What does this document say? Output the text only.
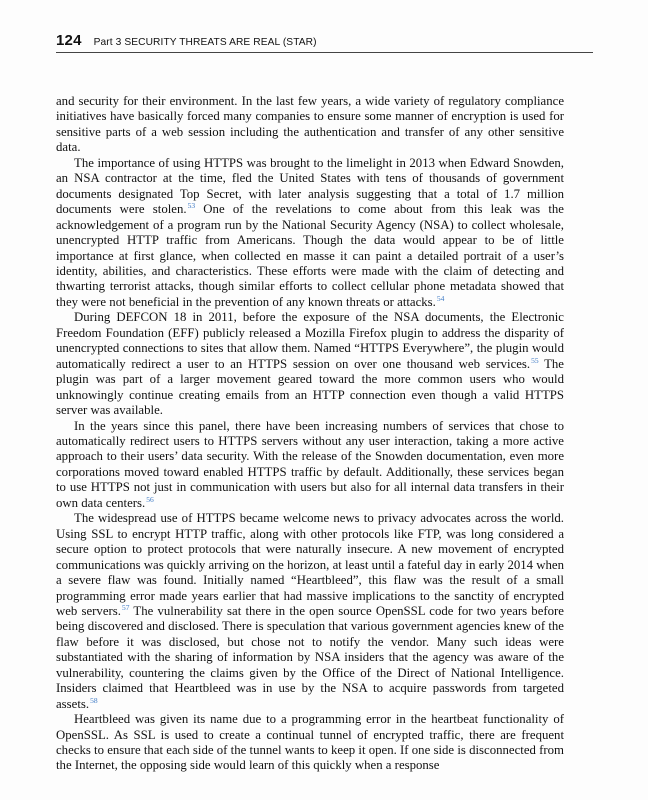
124 Part 3 SECURITY THREATS ARE REAL (STAR)

and security for their environment. In the last few years, a wide variety of regulatory compliance initiatives have basically forced many companies to ensure some manner of encryption is used for sensitive parts of a web session including the authentication and transfer of any other sensitive data.

The importance of using HTTPS was brought to the limelight in 2013 when Edward Snowden, an NSA contractor at the time, fled the United States with tens of thousands of government documents designated Top Secret, with later analysis suggesting that a total of 1.7 million documents were stolen.$^{53}$ One of the revelations to come about from this leak was the acknowledgement of a program run by the National Security Agency (NSA) to collect wholesale, unencrypted HTTP traffic from Americans. Though the data would appear to be of little importance at first glance, when collected en masse it can paint a detailed portrait of a user’s identity, abilities, and characteristics. These efforts were made with the claim of detecting and thwarting terrorist attacks, though similar efforts to collect cellular phone metadata showed that they were not beneficial in the prevention of any known threats or attacks.$^{54}$

During DEFCON 18 in 2011, before the exposure of the NSA documents, the Electronic Freedom Foundation (EFF) publicly released a Mozilla Firefox plugin to address the disparity of unencrypted connections to sites that allow them. Named “HTTPS Everywhere”, the plugin would automatically redirect a user to an HTTPS session on over one thousand web services.$^{55}$ The plugin was part of a larger movement geared toward the more common users who would unknowingly continue creating emails from an HTTP connection even though a valid HTTPS server was available.

In the years since this panel, there have been increasing numbers of services that chose to automatically redirect users to HTTPS servers without any user interaction, taking a more active approach to their users’ data security. With the release of the Snowden documentation, even more corporations moved toward enabled HTTPS traffic by default. Additionally, these services began to use HTTPS not just in communication with users but also for all internal data transfers in their own data centers.$^{56}$

The widespread use of HTTPS became welcome news to privacy advocates across the world. Using SSL to encrypt HTTP traffic, along with other protocols like FTP, was long considered a secure option to protect protocols that were naturally insecure. A new movement of encrypted communications was quickly arriving on the horizon, at least until a fateful day in early 2014 when a severe flaw was found. Initially named “Heartbleed”, this flaw was the result of a small programming error made years earlier that had massive implications to the sanctity of encrypted web servers.$^{57}$ The vulnerability sat there in the open source OpenSSL code for two years before being discovered and disclosed. There is speculation that various government agencies knew of the flaw before it was disclosed, but chose not to notify the vendor. Many such ideas were substantiated with the sharing of information by NSA insiders that the agency was aware of the vulnerability, countering the claims given by the Office of the Direct of National Intelligence. Insiders claimed that Heartbleed was in use by the NSA to acquire passwords from targeted assets.$^{58}$

Heartbleed was given its name due to a programming error in the heartbeat functionality of OpenSSL. As SSL is used to create a continual tunnel of encrypted traffic, there are frequent checks to ensure that each side of the tunnel wants to keep it open. If one side is disconnected from the Internet, the opposing side would learn of this quickly when a response
